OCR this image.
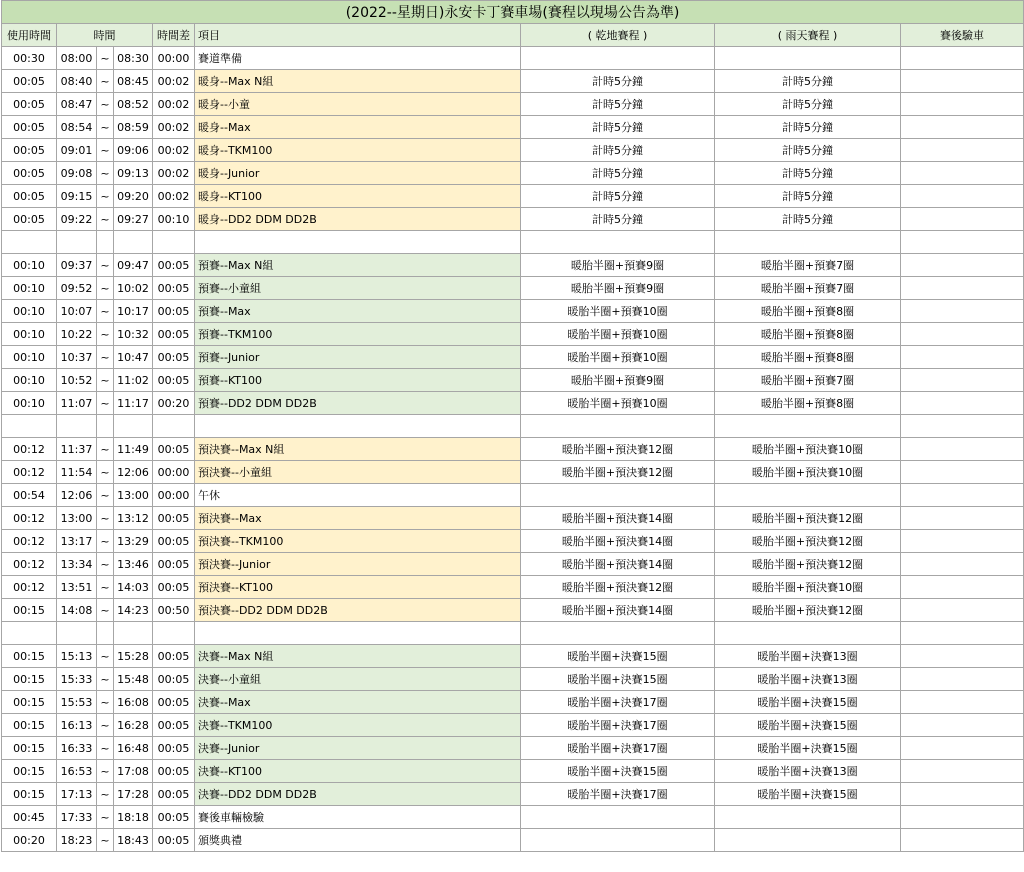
(2022--星期日)永安卡丁賽車場(賽程以現場公告為準)								
使用時間	時間			時間差	項目	( 乾地賽程 )	( 雨天賽程 )	賽後驗車
00:30	08:00	~	08:30	00:00	賽道準備			
00:05	08:40	~	08:45	00:02	暖身--Max N組	計時5分鐘	計時5分鐘	
00:05	08:47	~	08:52	00:02	暖身--小童	計時5分鐘	計時5分鐘	
00:05	08:54	~	08:59	00:02	暖身--Max	計時5分鐘	計時5分鐘	
00:05	09:01	~	09:06	00:02	暖身--TKM100	計時5分鐘	計時5分鐘	
00:05	09:08	~	09:13	00:02	暖身--Junior	計時5分鐘	計時5分鐘	
00:05	09:15	~	09:20	00:02	暖身--KT100	計時5分鐘	計時5分鐘	
00:05	09:22	~	09:27	00:10	暖身--DD2 DDM DD2B	計時5分鐘	計時5分鐘	

00:10	09:37	~	09:47	00:05	預賽--Max N組	暖胎半圈+預賽9圈	暖胎半圈+預賽7圈	
00:10	09:52	~	10:02	00:05	預賽--小童組	暖胎半圈+預賽9圈	暖胎半圈+預賽7圈	
00:10	10:07	~	10:17	00:05	預賽--Max	暖胎半圈+預賽10圈	暖胎半圈+預賽8圈	
00:10	10:22	~	10:32	00:05	預賽--TKM100	暖胎半圈+預賽10圈	暖胎半圈+預賽8圈	
00:10	10:37	~	10:47	00:05	預賽--Junior	暖胎半圈+預賽10圈	暖胎半圈+預賽8圈	
00:10	10:52	~	11:02	00:05	預賽--KT100	暖胎半圈+預賽9圈	暖胎半圈+預賽7圈	
00:10	11:07	~	11:17	00:20	預賽--DD2 DDM DD2B	暖胎半圈+預賽10圈	暖胎半圈+預賽8圈	

00:12	11:37	~	11:49	00:05	預決賽--Max N組	暖胎半圈+預決賽12圈	暖胎半圈+預決賽10圈	
00:12	11:54	~	12:06	00:00	預決賽--小童組	暖胎半圈+預決賽12圈	暖胎半圈+預決賽10圈	
00:54	12:06	~	13:00	00:00	午休			
00:12	13:00	~	13:12	00:05	預決賽--Max	暖胎半圈+預決賽14圈	暖胎半圈+預決賽12圈	
00:12	13:17	~	13:29	00:05	預決賽--TKM100	暖胎半圈+預決賽14圈	暖胎半圈+預決賽12圈	
00:12	13:34	~	13:46	00:05	預決賽--Junior	暖胎半圈+預決賽14圈	暖胎半圈+預決賽12圈	
00:12	13:51	~	14:03	00:05	預決賽--KT100	暖胎半圈+預決賽12圈	暖胎半圈+預決賽10圈	
00:15	14:08	~	14:23	00:50	預決賽--DD2 DDM DD2B	暖胎半圈+預決賽14圈	暖胎半圈+預決賽12圈	

00:15	15:13	~	15:28	00:05	決賽--Max N組	暖胎半圈+決賽15圈	暖胎半圈+決賽13圈	
00:15	15:33	~	15:48	00:05	決賽--小童組	暖胎半圈+決賽15圈	暖胎半圈+決賽13圈	
00:15	15:53	~	16:08	00:05	決賽--Max	暖胎半圈+決賽17圈	暖胎半圈+決賽15圈	
00:15	16:13	~	16:28	00:05	決賽--TKM100	暖胎半圈+決賽17圈	暖胎半圈+決賽15圈	
00:15	16:33	~	16:48	00:05	決賽--Junior	暖胎半圈+決賽17圈	暖胎半圈+決賽15圈	
00:15	16:53	~	17:08	00:05	決賽--KT100	暖胎半圈+決賽15圈	暖胎半圈+決賽13圈	
00:15	17:13	~	17:28	00:05	決賽--DD2 DDM DD2B	暖胎半圈+決賽17圈	暖胎半圈+決賽15圈	
00:45	17:33	~	18:18	00:05	賽後車輛檢驗			
00:20	18:23	~	18:43	00:05	頒獎典禮			
